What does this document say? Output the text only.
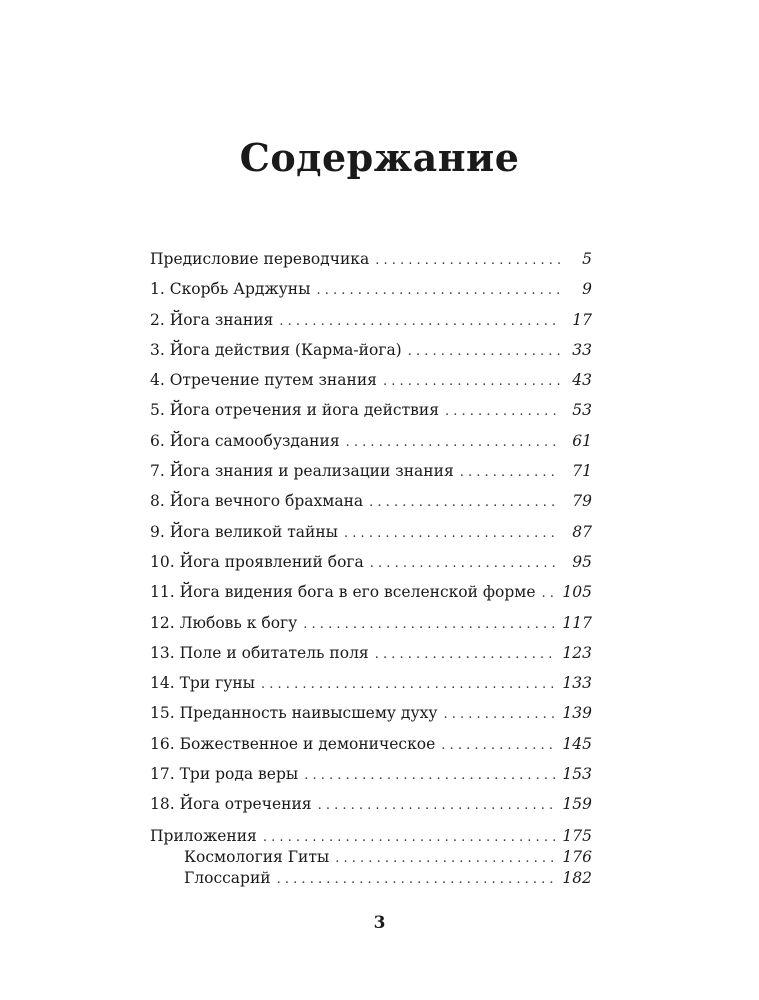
Содержание
Предисловие переводчика . . .	5
1. Скорбь Арджуны . . .	9
2. Йога знания . . .	17
3. Йога действия (Карма-йога) . . .	33
4. Отречение путем знания . . .	43
5. Йога отречения и йога действия . . .	53
6. Йога самообуздания . . .	61
7. Йога знания и реализации знания . . .	71
8. Йога вечного брахмана . . .	79
9. Йога великой тайны . . .	87
10. Йога проявлений бога . . .	95
11. Йога видения бога в его вселенской форме . . . 105
12. Любовь к богу . . .	117
13. Поле и обитатель поля . . .	123
14. Три гуны . . .	133
15. Преданность наивысшему духу . . .	139
16. Божественное и демоническое . . .	145
17. Три рода веры . . .	153
18. Йога отречения . . .	159
Приложения . . .	175
Космология Гиты . . .	176
Глоссарий . . .	182
3
